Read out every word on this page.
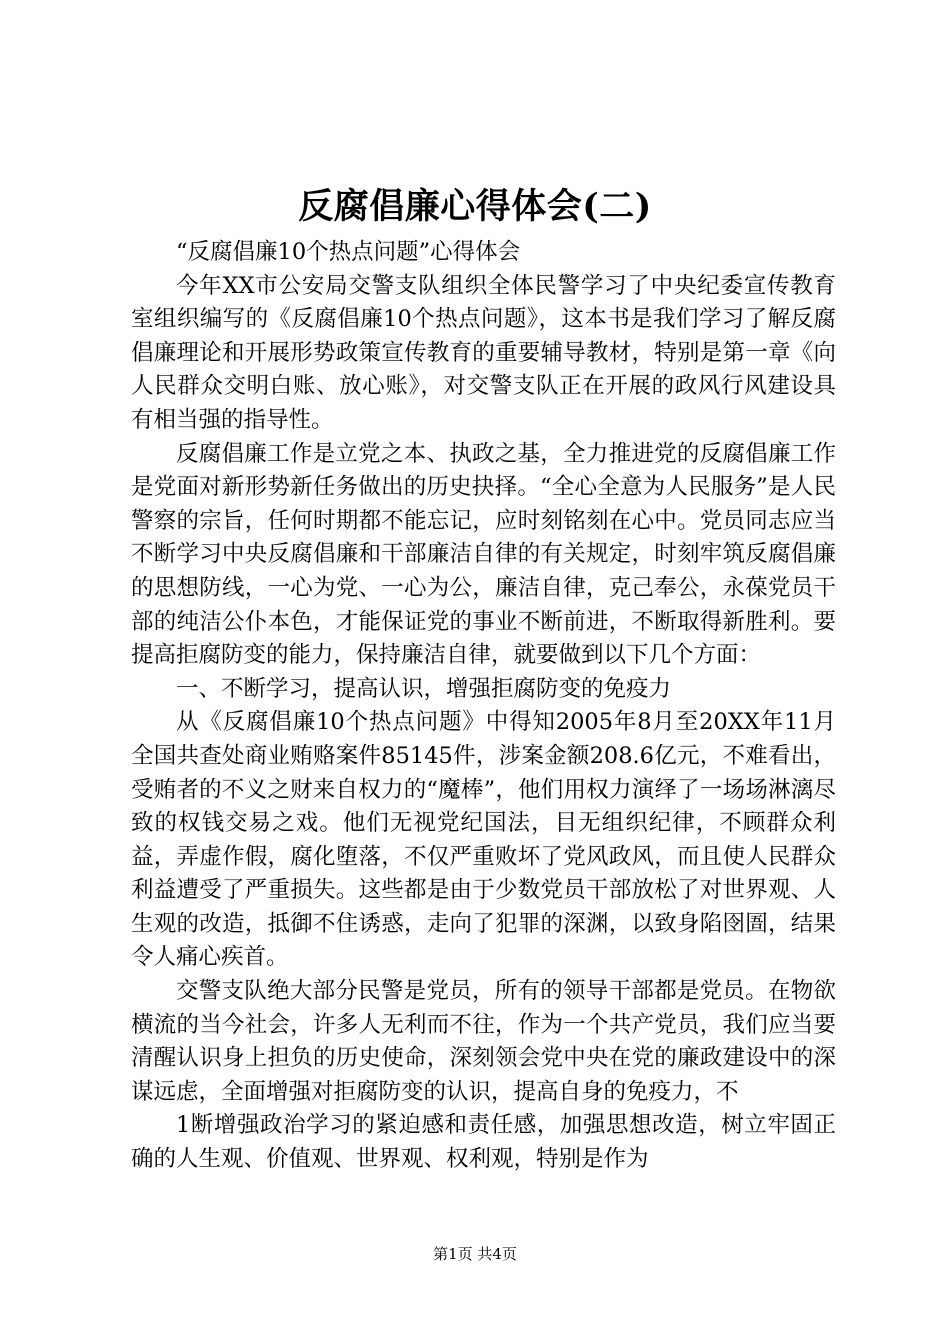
反腐倡廉心得体会(二)

“反腐倡廉10个热点问题”心得体会

今年XX市公安局交警支队组织全体民警学习了中央纪委宣传教育室组织编写的《反腐倡廉10个热点问题》，这本书是我们学习了解反腐倡廉理论和开展形势政策宣传教育的重要辅导教材，特别是第一章《向人民群众交明白账、放心账》，对交警支队正在开展的政风行风建设具有相当强的指导性。

反腐倡廉工作是立党之本、执政之基，全力推进党的反腐倡廉工作是党面对新形势新任务做出的历史抉择。“全心全意为人民服务”是人民警察的宗旨，任何时期都不能忘记，应时刻铭刻在心中。党员同志应当不断学习中央反腐倡廉和干部廉洁自律的有关规定，时刻牢筑反腐倡廉的思想防线，一心为党、一心为公，廉洁自律，克己奉公，永葆党员干部的纯洁公仆本色，才能保证党的事业不断前进，不断取得新胜利。要提高拒腐防变的能力，保持廉洁自律，就要做到以下几个方面：

一、不断学习，提高认识，增强拒腐防变的免疫力

从《反腐倡廉10个热点问题》中得知2005年8月至20XX年11月全国共查处商业贿赂案件85145件，涉案金额208.6亿元，不难看出，受贿者的不义之财来自权力的“魔棒”，他们用权力演绎了一场场淋漓尽致的权钱交易之戏。他们无视党纪国法，目无组织纪律，不顾群众利益，弄虚作假，腐化堕落，不仅严重败坏了党风政风，而且使人民群众利益遭受了严重损失。这些都是由于少数党员干部放松了对世界观、人生观的改造，抵御不住诱惑，走向了犯罪的深渊，以致身陷囹圄，结果令人痛心疾首。

交警支队绝大部分民警是党员，所有的领导干部都是党员。在物欲横流的当今社会，许多人无利而不往，作为一个共产党员，我们应当要清醒认识身上担负的历史使命，深刻领会党中央在党的廉政建设中的深谋远虑，全面增强对拒腐防变的认识，提高自身的免疫力，不

1断增强政治学习的紧迫感和责任感，加强思想改造，树立牢固正确的人生观、价值观、世界观、权利观，特别是作为

第1页 共4页
